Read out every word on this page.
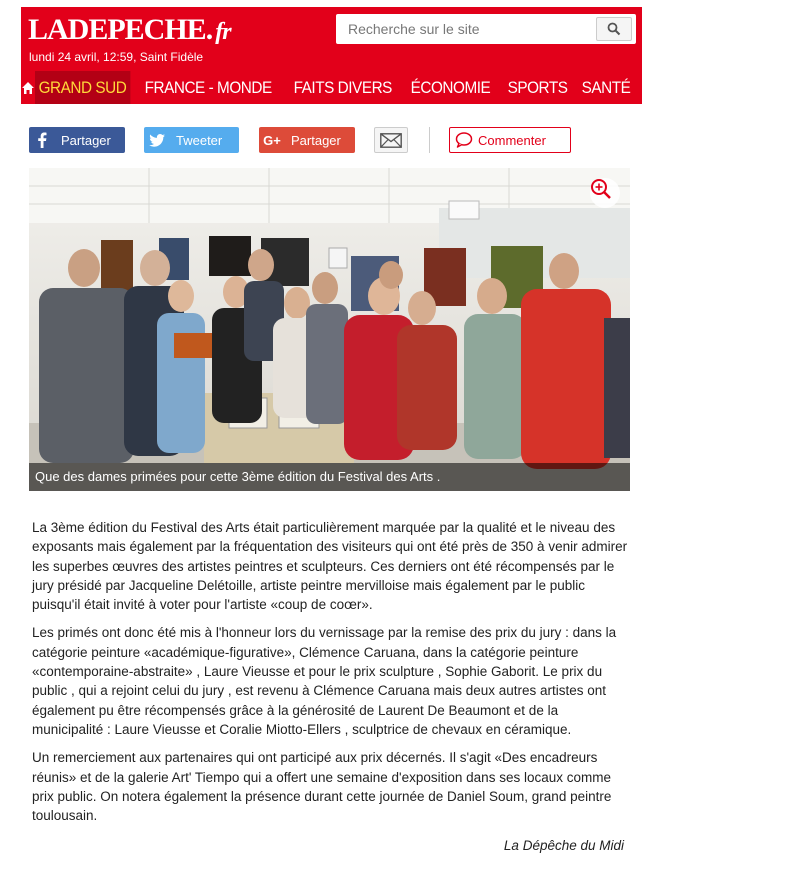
LADEPECHE. fr
lundi 24 avril, 12:59, Saint Fidèle
Recherche sur le site
GRAND SUD FRANCE - MONDE FAITS DIVERS ÉCONOMIE SPORTS SANTÉ TV-PEOPLE LOISIRS
Partager	Tweeter	G+ Partager	Commenter
Que des dames primées pour cette 3ème édition du Festival des Arts .

La 3ème édition du Festival des Arts était particulièrement marquée par la qualité et le niveau des exposants mais également par la fréquentation des visiteurs qui ont été près de 350 à venir admirer les superbes œuvres des artistes peintres et sculpteurs. Ces derniers ont été récompensés par le jury présidé par Jacqueline Delétoille, artiste peintre mervilloise mais également par le public puisqu'il était invité à voter pour l'artiste «coup de coœr».

Les primés ont donc été mis à l'honneur lors du vernissage par la remise des prix du jury : dans la catégorie peinture «académique-figurative», Clémence Caruana, dans la catégorie peinture «contemporaine-abstraite» , Laure Vieusse et pour le prix sculpture , Sophie Gaborit. Le prix du public , qui a rejoint celui du jury , est revenu à Clémence Caruana mais deux autres artistes ont également pu être récompensés grâce à la générosité de Laurent De Beaumont et de la municipalité : Laure Vieusse et Coralie Miotto-Ellers , sculptrice de chevaux en céramique.

Un remerciement aux partenaires qui ont participé aux prix décernés. Il s'agit «Des encadreurs réunis» et de la galerie Art' Tiempo qui a offert une semaine d'exposition dans ses locaux comme prix public. On notera également la présence durant cette journée de Daniel Soum, grand peintre toulousain.

La Dépêche du Midi
